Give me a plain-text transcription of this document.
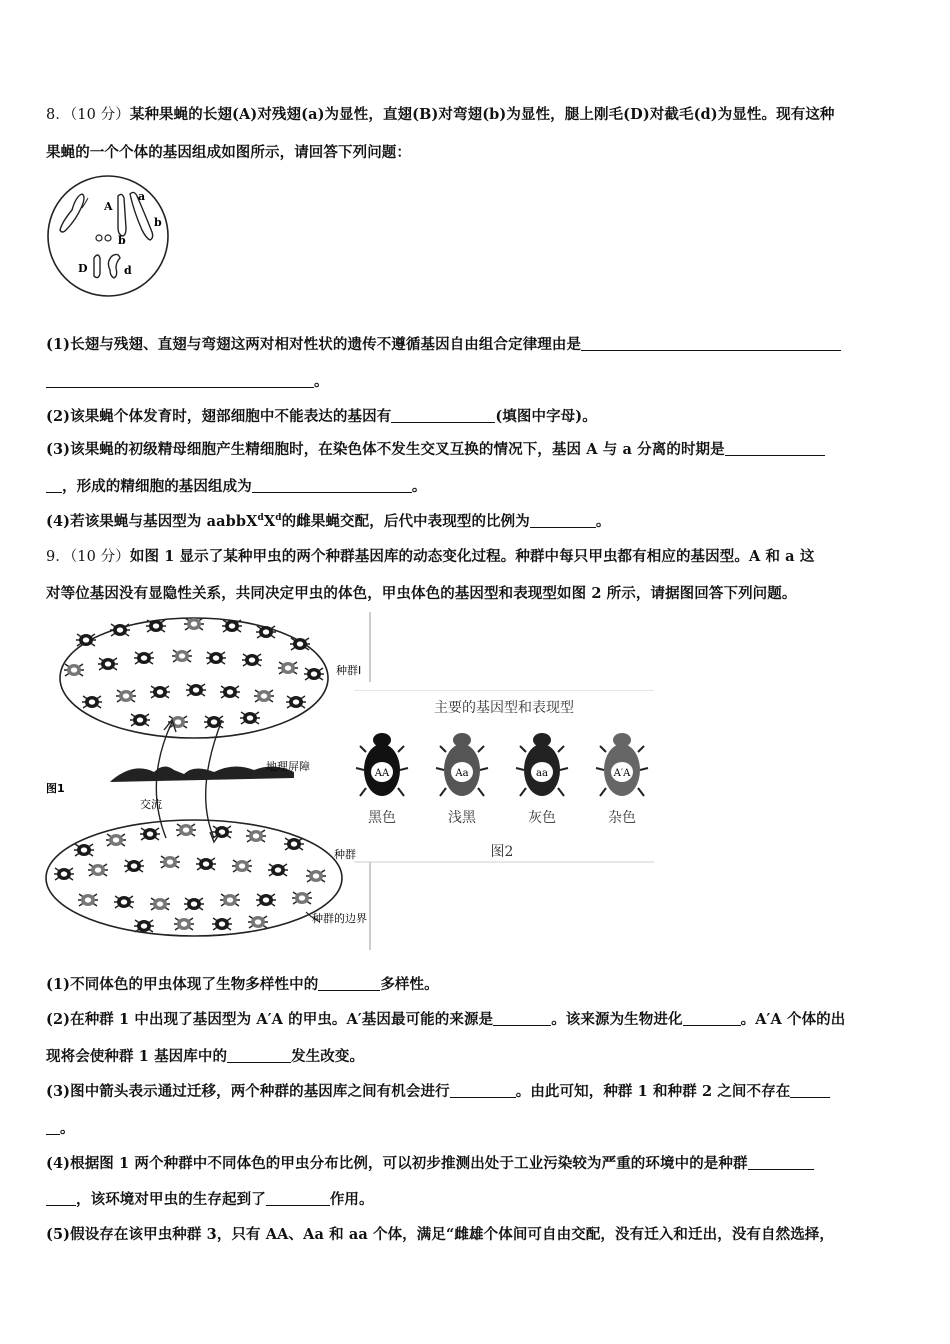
8．（10 分）某种果蝇的长翅(A)对残翅(a)为显性，直翅(B)对弯翅(b)为显性，腿上刚毛(D)对截毛(d)为显性。现有这种
果蝇的一个个体的基因组成如图所示，请回答下列问题：
A
a
b
b
D	d
(1)长翅与残翅、直翅与弯翅这两对相对性状的遗传不遵循基因自由组合定律理由是
。
(2)该果蝇个体发育时，翅部细胞中不能表达的基因有	(填图中字母)。
(3)该果蝇的初级精母细胞产生精细胞时，在染色体不发生交叉互换的情况下，基因 A 与 a 分离的时期是
，形成的精细胞的基因组成为	。
(4)若该果蝇与基因型为 $aabbX^dX^d$的雌果蝇交配，后代中表现型的比例为	。
9．（10 分）如图 1 显示了某种甲虫的两个种群基因库的动态变化过程。种群中每只甲虫都有相应的基因型。A 和 a 这
对等位基因没有显隐性关系，共同决定甲虫的体色，甲虫体色的基因型和表现型如图 2 所示，请据图回答下列问题。
种群Ⅰ
地理屏障
图1
交流
种群
种群的边界
主要的基因型和表现型
AA
黑色
Aa
浅黑
aa
灰色
A′A
杂色
图2
(1)不同体色的甲虫体现了生物多样性中的	多样性。
(2)在种群 1 中出现了基因型为 A′A 的甲虫。A′基因最可能的来源是	。该来源为生物进化	。A′A 个体的出
现将会使种群 1 基因库中的	发生改变。
(3)图中箭头表示通过迁移，两个种群的基因库之间有机会进行	。由此可知，种群 1 和种群 2 之间不存在
。
(4)根据图 1 两个种群中不同体色的甲虫分布比例，可以初步推测出处于工业污染较为严重的环境中的是种群
，该环境对甲虫的生存起到了	作用。
(5)假设存在该甲虫种群 3，只有 AA、Aa 和 aa 个体，满足“雌雄个体间可自由交配，没有迁入和迁出，没有自然选择，
